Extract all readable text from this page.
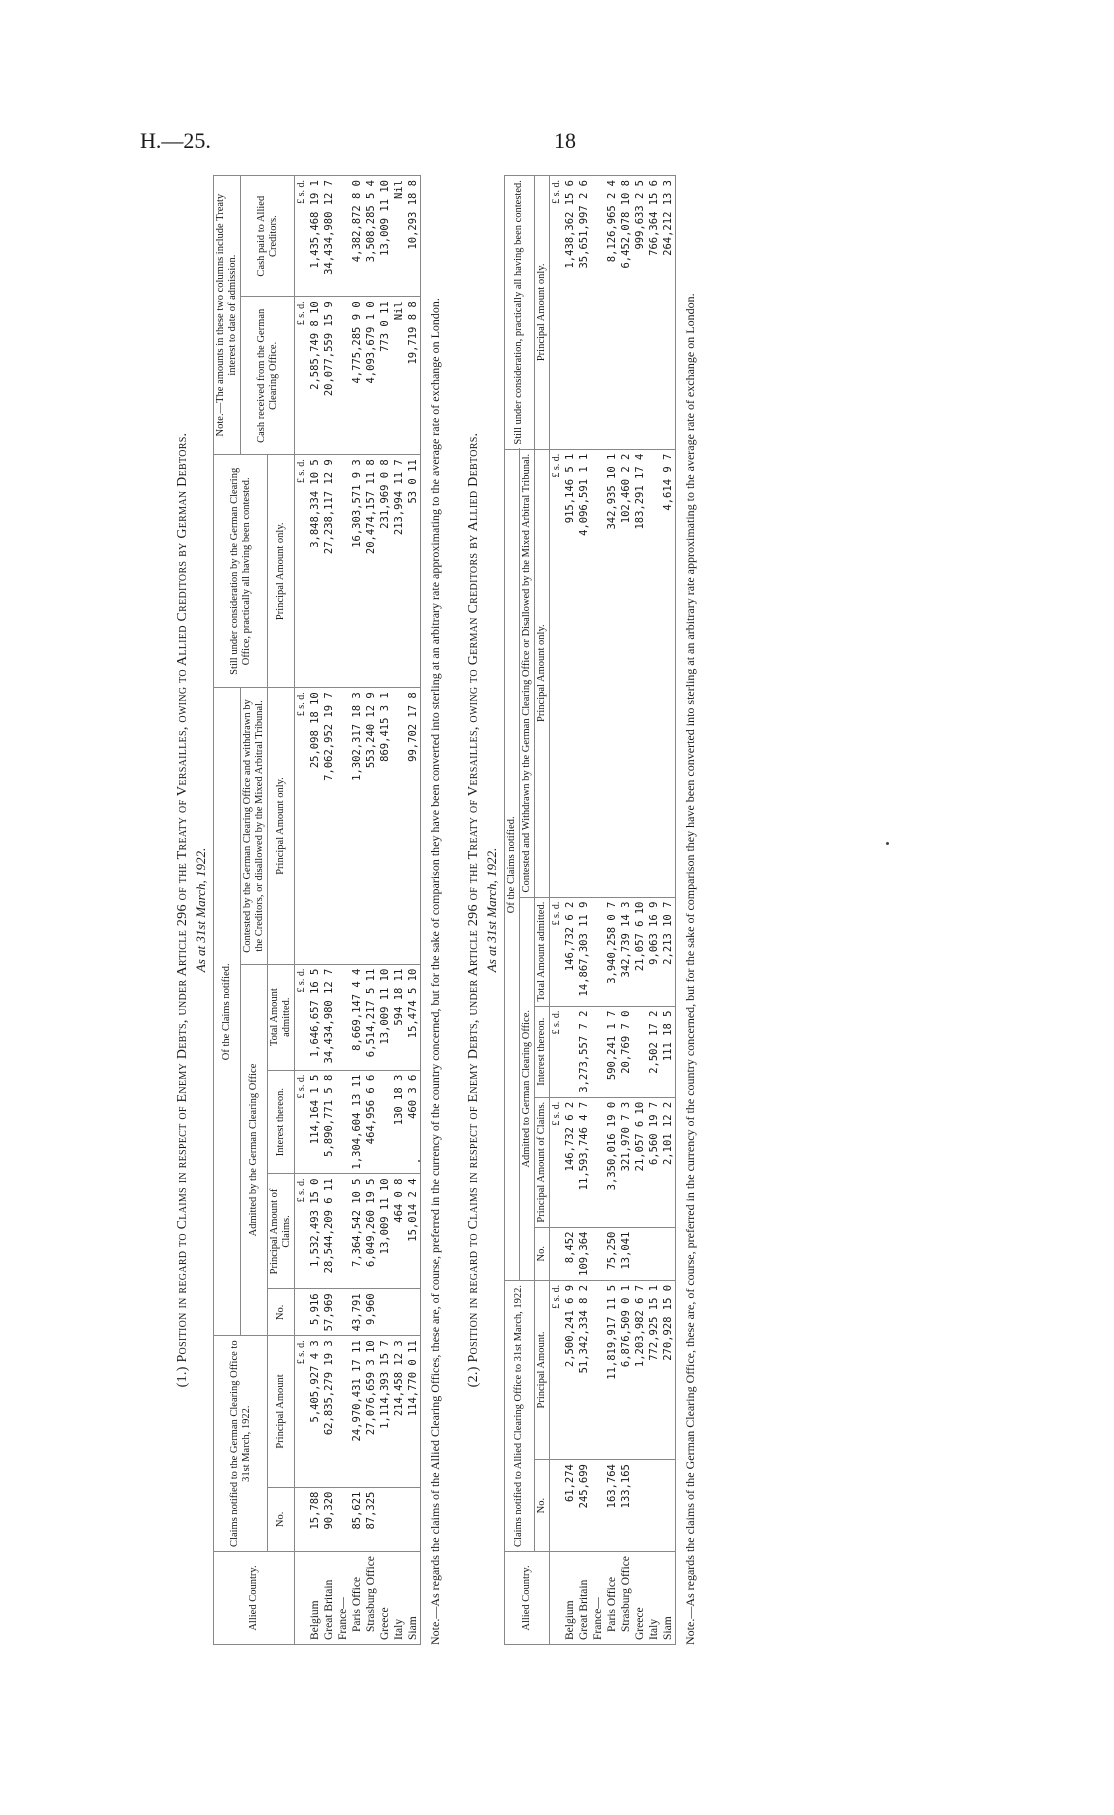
H.—25.	18
(1.) Position in regard to Claims in respect of Enemy Debts, under Article 296 of the Treaty of Versailles, owing to Allied Creditors by German Debtors. As at 31st March, 1922.
Allied Country.	Claims notified to the German Clearing Office to 31st March, 1922.		Of the Claims notified.					Still under consideration by the German Clearing Office, practically all having been contested.	Note.—The amounts in these two columns include Treaty interest to date of admission.	
			Admitted by the German Clearing Office				Contested by the German Clearing Office and withdrawn by the Creditors, or disallowed by the Mixed Arbitral Tribunal.		Cash received from the German Clearing Office.	Cash paid to Allied Creditors.
	No.	Principal Amount	No.	Principal Amount of Claims.	Interest thereon.	Total Amount admitted.	Principal Amount only.	Principal Amount only.		
		£ s. d.		£ s. d.	£ s. d.	£ s. d.	£ s. d.	£ s. d.	£ s. d.	£ s. d.
Belgium	15,788	5,405,927 4 3	5,916	1,532,493 15 0	114,164 1 5	1,646,657 16 5	25,098 18 10	3,848,334 10 5	2,585,749 8 10	1,435,468 19 1
Great Britain	90,320	62,835,279 19 3	57,969	28,544,209 6 11	5,890,771 5 8	34,434,980 12 7	7,062,952 19 7	27,238,117 12 9	20,077,559 15 9	34,434,980 12 7
France—										
Paris Office	85,621	24,970,431 17 11	43,791	7,364,542 10 5	1,304,604 13 11	8,669,147 4 4	1,302,317 18 3	16,303,571 9 3	4,775,285 9 0	4,382,872 8 0
Strasburg Office	87,325	27,076,659 3 10	9,960	6,049,260 19 5	464,956 6 6	6,514,217 5 11	553,240 12 9	20,474,157 11 8	4,093,679 1 0	3,508,285 5 4
Greece		1,114,393 15 7		13,009 11 10		13,009 11 10	869,415 3 1	231,969 0 8	773 0 11	13,009 11 10
Italy		214,458 12 3		464 0 8	130 18 3	594 18 11		213,994 11 7	Nil	Nil
Siam		114,770 0 11		15,014 2 4	460 3 6	15,474 5 10	99,702 17 8	53 0 11	19,719 8 8	10,293 18 8
Note.—As regards the claims of the Allied Clearing Offices, these are, of course, preferred in the currency of the country concerned, but for the sake of comparison they have been converted into sterling at an arbitrary rate approximating to the average rate of exchange on London. (2.) Position in regard to Claims in respect of Enemy Debts, under Article 296 of the Treaty of Versailles, owing to German Creditors by Allied Debtors. As at 31st March, 1922.
Allied Country.	Claims notified to Allied Clearing Office to 31st March, 1922.		Of the Claims notified.					Still under consideration, practically all having been contested.
			Admitted to German Clearing Office.				Contested and Withdrawn by the German Clearing Office or Disallowed by the Mixed Arbitral Tribunal.	
	No.	Principal Amount.	No.	Principal Amount of Claims.	Interest thereon.	Total Amount admitted.	Principal Amount only.	Principal Amount only.
		£ s. d.		£ s. d.	£ s. d.	£ s. d.	£ s. d.	£ s. d.
Belgium	61,274	2,500,241 6 9	8,452	146,732 6 2		146,732 6 2	915,146 5 1	1,438,362 15 6
Great Britain	245,699	51,342,334 8 2	109,364	11,593,746 4 7	3,273,557 7 2	14,867,303 11 9	4,096,591 1 1	35,651,997 2 6
France—								
Paris Office	163,764	11,819,917 11 5	75,250	3,350,016 19 0	590,241 1 7	3,940,258 0 7	342,935 10 1	8,126,965 2 4
Strasburg Office	133,165	6,876,509 0 1	13,041	321,970 7 3	20,769 7 0	342,739 14 3	102,460 2 2	6,452,078 10 8
Greece		1,203,982 6 7		21,057 6 10		21,057 6 10	183,291 17 4	999,633 2 5
Italy		772,925 15 1		6,560 19 7	2,502 17 2	9,063 16 9		766,364 15 6
Siam		270,928 15 0		2,101 12 2	111 18 5	2,213 10 7	4,614 9 7	264,212 13 3
Note.—As regards the claims of the German Clearing Office, these are, of course, preferred in the currency of the country concerned, but for the sake of comparison they have been converted into sterling at an arbitrary rate approximating to the average rate of exchange on London.
